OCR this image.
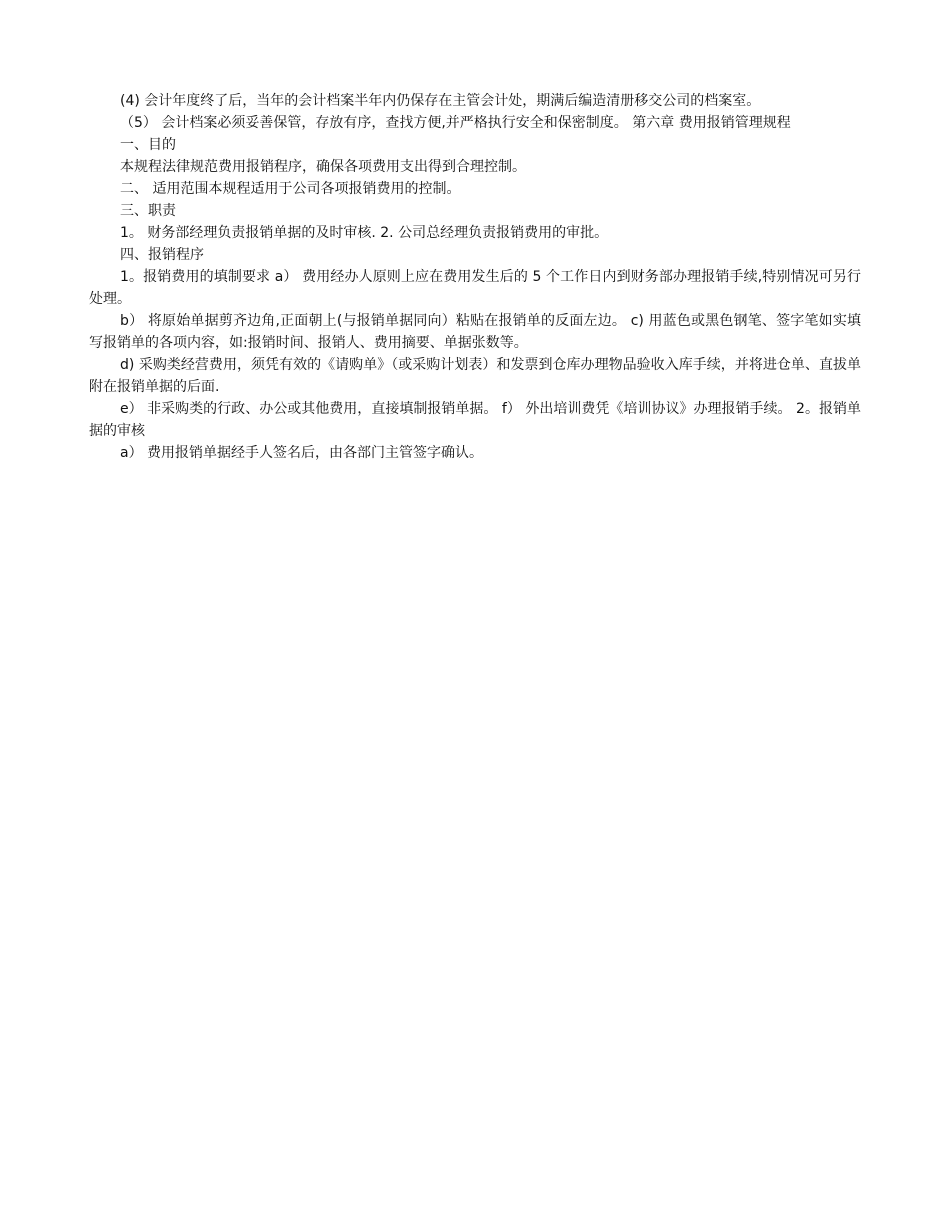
(4) 会计年度终了后，当年的会计档案半年内仍保存在主管会计处，期满后编造清册移交公司的档案室。

（5） 会计档案必须妥善保管，存放有序，查找方便,并严格执行安全和保密制度。 第六章 费用报销管理规程

一、目的

本规程法律规范费用报销程序，确保各项费用支出得到合理控制。

二、 适用范围本规程适用于公司各项报销费用的控制。

三、职责

1。 财务部经理负责报销单据的及时审核. 2. 公司总经理负责报销费用的审批。

四、报销程序

1。报销费用的填制要求 a） 费用经办人原则上应在费用发生后的 5 个工作日内到财务部办理报销手续,特别情况可另行处理。

b） 将原始单据剪齐边角,正面朝上(与报销单据同向）粘贴在报销单的反面左边。 c) 用蓝色或黑色钢笔、签字笔如实填写报销单的各项内容，如:报销时间、报销人、费用摘要、单据张数等。

d) 采购类经营费用，须凭有效的《请购单》（或采购计划表）和发票到仓库办理物品验收入库手续，并将进仓单、直拔单附在报销单据的后面.

e） 非采购类的行政、办公或其他费用，直接填制报销单据。 f） 外出培训费凭《培训协议》办理报销手续。 2。报销单据的审核

a） 费用报销单据经手人签名后，由各部门主管签字确认。
